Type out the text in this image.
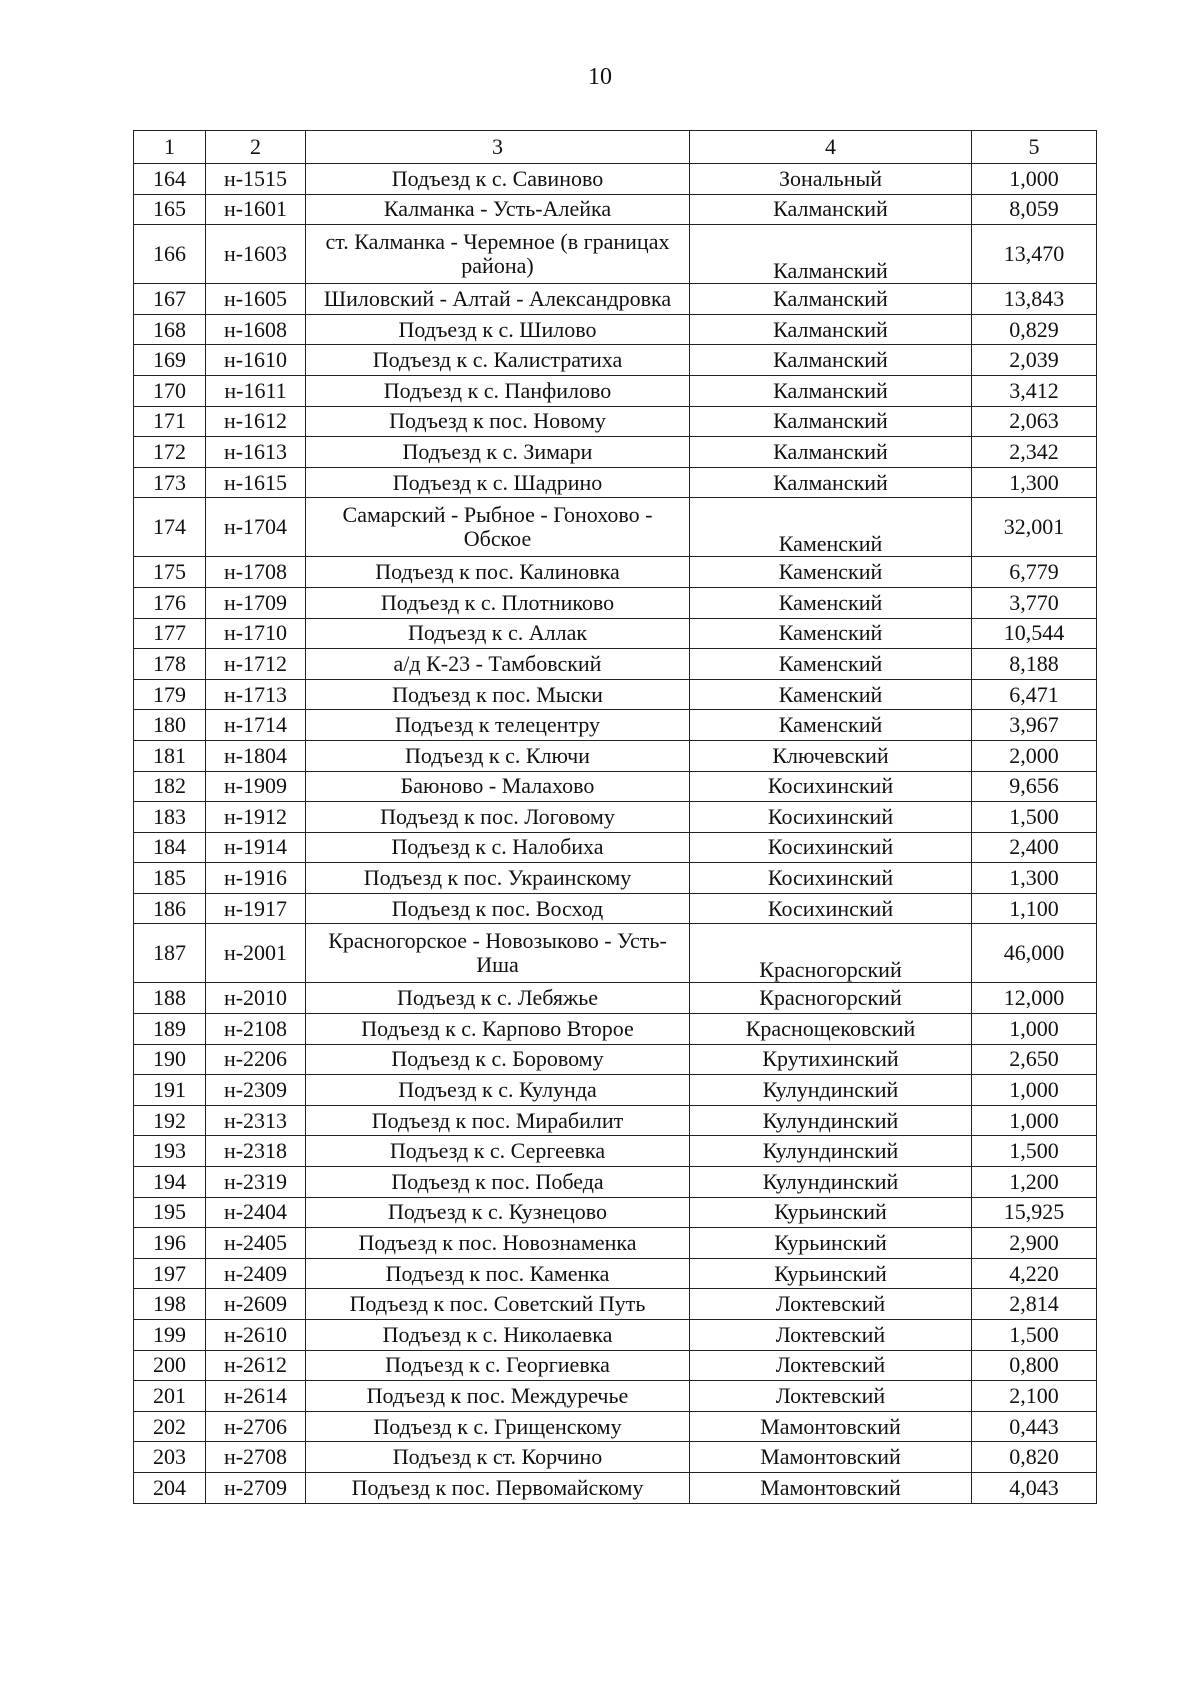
10
1	2	3	4	5
164	н-1515	Подъезд к с. Савиново	Зональный	1,000
165	н-1601	Калманка - Усть-Алейка	Калманский	8,059
166	н-1603	ст. Калманка - Черемное (в границах района)	Калманский	13,470
167	н-1605	Шиловский - Алтай - Александровка	Калманский	13,843
168	н-1608	Подъезд к с. Шилово	Калманский	0,829
169	н-1610	Подъезд к с. Калистратиха	Калманский	2,039
170	н-1611	Подъезд к с. Панфилово	Калманский	3,412
171	н-1612	Подъезд к пос. Новому	Калманский	2,063
172	н-1613	Подъезд к с. Зимари	Калманский	2,342
173	н-1615	Подъезд к с. Шадрино	Калманский	1,300
174	н-1704	Самарский - Рыбное - Гонохово - Обское	Каменский	32,001
175	н-1708	Подъезд к пос. Калиновка	Каменский	6,779
176	н-1709	Подъезд к с. Плотниково	Каменский	3,770
177	н-1710	Подъезд к с. Аллак	Каменский	10,544
178	н-1712	а/д К-23 - Тамбовский	Каменский	8,188
179	н-1713	Подъезд к пос. Мыски	Каменский	6,471
180	н-1714	Подъезд к телецентру	Каменский	3,967
181	н-1804	Подъезд к с. Ключи	Ключевский	2,000
182	н-1909	Баюново - Малахово	Косихинский	9,656
183	н-1912	Подъезд к пос. Логовому	Косихинский	1,500
184	н-1914	Подъезд к с. Налобиха	Косихинский	2,400
185	н-1916	Подъезд к пос. Украинскому	Косихинский	1,300
186	н-1917	Подъезд к пос. Восход	Косихинский	1,100
187	н-2001	Красногорское - Новозыково - Усть-Иша	Красногорский	46,000
188	н-2010	Подъезд к с. Лебяжье	Красногорский	12,000
189	н-2108	Подъезд к с. Карпово Второе	Краснощековский	1,000
190	н-2206	Подъезд к с. Боровому	Крутихинский	2,650
191	н-2309	Подъезд к с. Кулунда	Кулундинский	1,000
192	н-2313	Подъезд к пос. Мирабилит	Кулундинский	1,000
193	н-2318	Подъезд к с. Сергеевка	Кулундинский	1,500
194	н-2319	Подъезд к пос. Победа	Кулундинский	1,200
195	н-2404	Подъезд к с. Кузнецово	Курьинский	15,925
196	н-2405	Подъезд к пос. Новознаменка	Курьинский	2,900
197	н-2409	Подъезд к пос. Каменка	Курьинский	4,220
198	н-2609	Подъезд к пос. Советский Путь	Локтевский	2,814
199	н-2610	Подъезд к с. Николаевка	Локтевский	1,500
200	н-2612	Подъезд к с. Георгиевка	Локтевский	0,800
201	н-2614	Подъезд к пос. Междуречье	Локтевский	2,100
202	н-2706	Подъезд к с. Грищенскому	Мамонтовский	0,443
203	н-2708	Подъезд к ст. Корчино	Мамонтовский	0,820
204	н-2709	Подъезд к пос. Первомайскому	Мамонтовский	4,043
